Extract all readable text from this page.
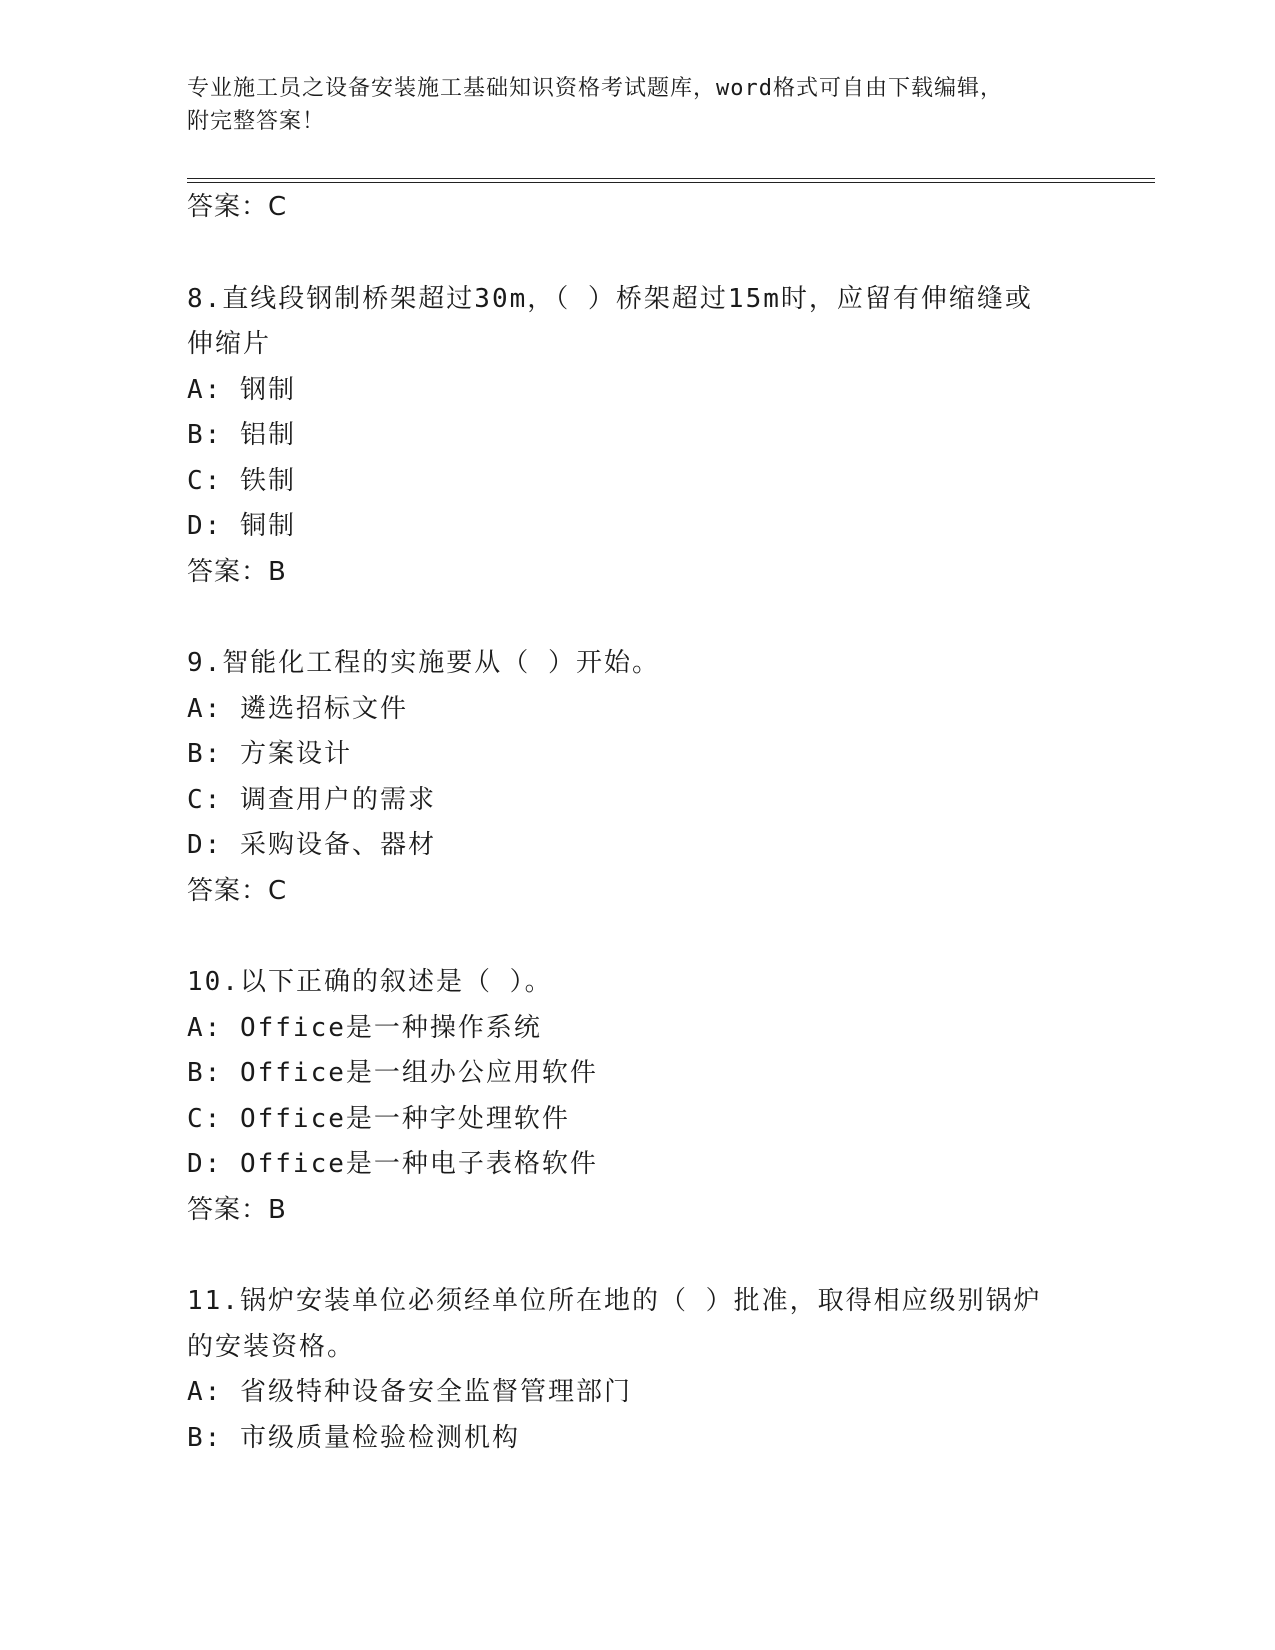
专业施工员之设备安装施工基础知识资格考试题库，word格式可自由下载编辑，
附完整答案！
答案：C
8.直线段钢制桥架超过30m，（ ）桥架超过15m时，应留有伸缩缝或
伸缩片
A: 钢制
B: 铝制
C: 铁制
D: 铜制
答案：B
9.智能化工程的实施要从（ ）开始。
A: 遴选招标文件
B: 方案设计
C: 调查用户的需求
D: 采购设备、器材
答案：C
10.以下正确的叙述是（ ）。
A: Office是一种操作系统
B: Office是一组办公应用软件
C: Office是一种字处理软件
D: Office是一种电子表格软件
答案：B
11.锅炉安装单位必须经单位所在地的（ ）批准，取得相应级别锅炉
的安装资格。
A: 省级特种设备安全监督管理部门
B: 市级质量检验检测机构
